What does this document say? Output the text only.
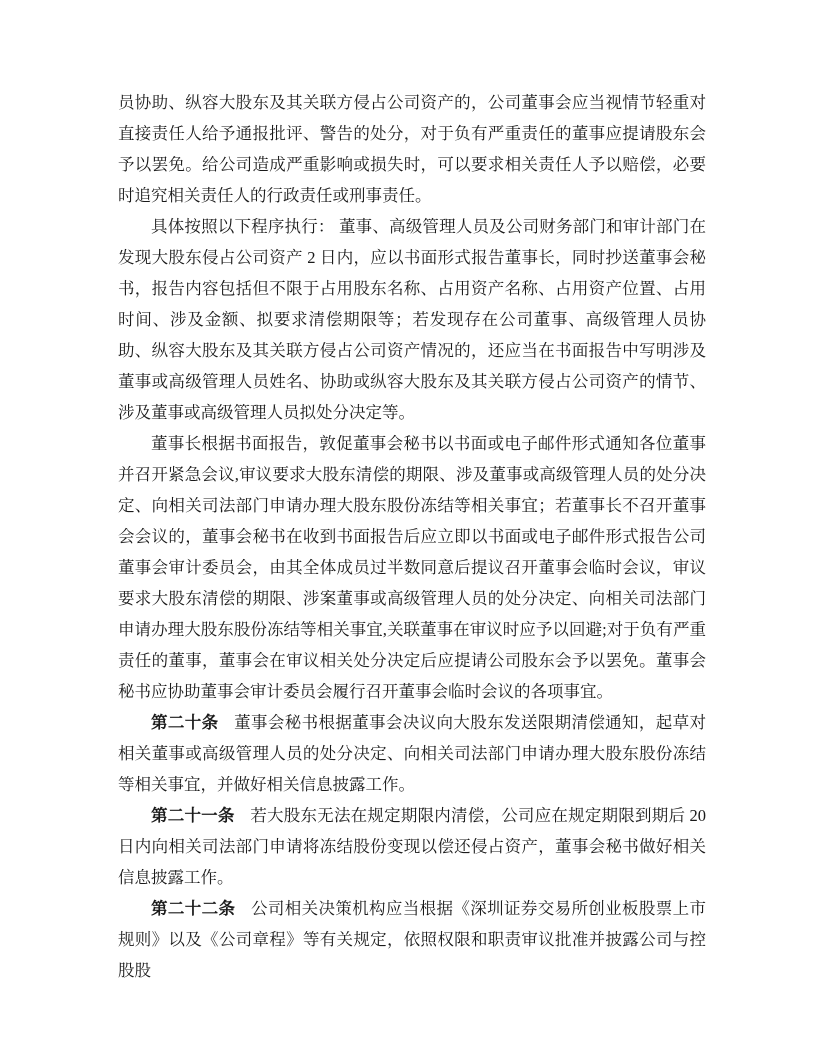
员协助、纵容大股东及其关联方侵占公司资产的，公司董事会应当视情节轻重对直接责任人给予通报批评、警告的处分，对于负有严重责任的董事应提请股东会予以罢免。给公司造成严重影响或损失时，可以要求相关责任人予以赔偿，必要时追究相关责任人的行政责任或刑事责任。

具体按照以下程序执行： 董事、高级管理人员及公司财务部门和审计部门在发现大股东侵占公司资产 2 日内，应以书面形式报告董事长，同时抄送董事会秘书，报告内容包括但不限于占用股东名称、占用资产名称、占用资产位置、占用时间、涉及金额、拟要求清偿期限等；若发现存在公司董事、高级管理人员协助、纵容大股东及其关联方侵占公司资产情况的，还应当在书面报告中写明涉及董事或高级管理人员姓名、协助或纵容大股东及其关联方侵占公司资产的情节、涉及董事或高级管理人员拟处分决定等。

董事长根据书面报告，敦促董事会秘书以书面或电子邮件形式通知各位董事并召开紧急会议,审议要求大股东清偿的期限、涉及董事或高级管理人员的处分决定、向相关司法部门申请办理大股东股份冻结等相关事宜；若董事长不召开董事会会议的，董事会秘书在收到书面报告后应立即以书面或电子邮件形式报告公司董事会审计委员会，由其全体成员过半数同意后提议召开董事会临时会议，审议要求大股东清偿的期限、涉案董事或高级管理人员的处分决定、向相关司法部门申请办理大股东股份冻结等相关事宜,关联董事在审议时应予以回避;对于负有严重责任的董事，董事会在审议相关处分决定后应提请公司股东会予以罢免。董事会秘书应协助董事会审计委员会履行召开董事会临时会议的各项事宜。

第二十条 董事会秘书根据董事会决议向大股东发送限期清偿通知，起草对相关董事或高级管理人员的处分决定、向相关司法部门申请办理大股东股份冻结等相关事宜，并做好相关信息披露工作。

第二十一条 若大股东无法在规定期限内清偿，公司应在规定期限到期后 20 日内向相关司法部门申请将冻结股份变现以偿还侵占资产，董事会秘书做好相关信息披露工作。

第二十二条 公司相关决策机构应当根据《深圳证券交易所创业板股票上市规则》以及《公司章程》等有关规定，依照权限和职责审议批准并披露公司与控股股
